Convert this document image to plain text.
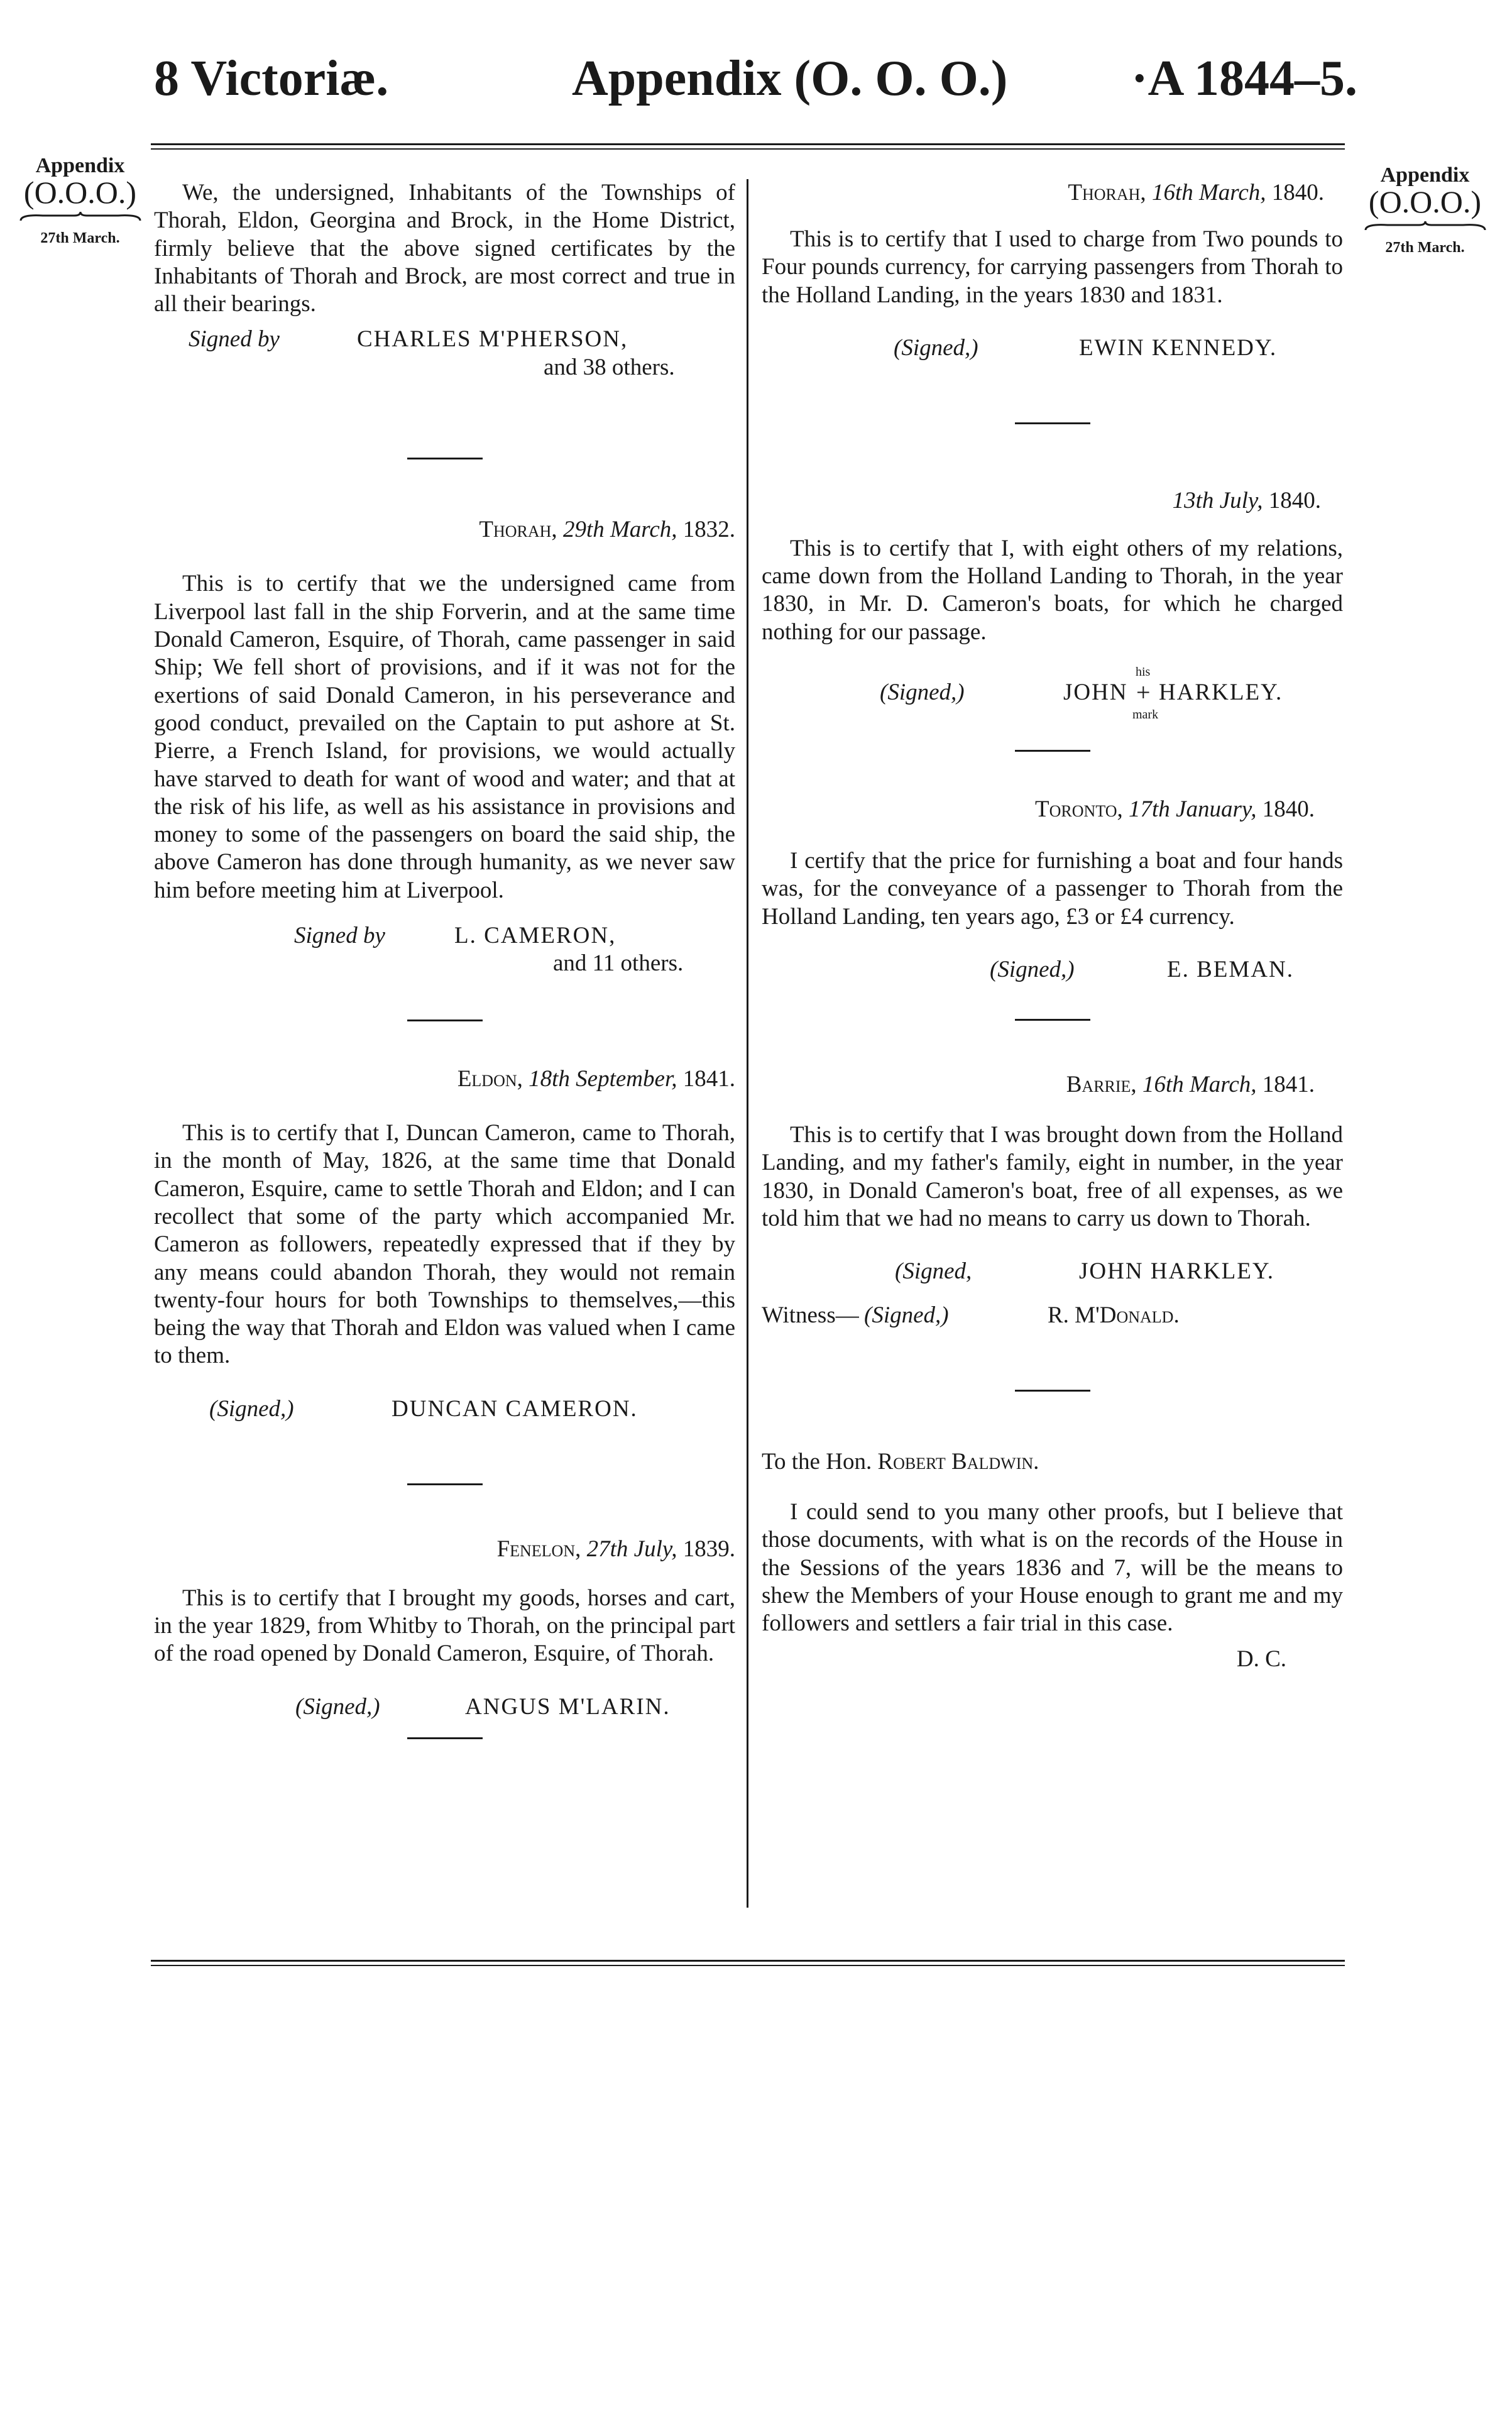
8 Victoriæ.	Appendix (O. O. O.) ·A 1844–5.
Appendix
(O.O.O.)
27th March.
Appendix
(O.O.O.)
27th March.

We, the undersigned, Inhabitants of the Townships of Thorah, Eldon, Georgina and Brock, in the Home District, firmly believe that the above signed certificates by the Inhabitants of Thorah and Brock, are most correct and true in all their bearings.

Signed by	CHARLES M'PHERSON,
and 38 others.
Thorah, 29th March, 1832.

This is to certify that we the undersigned came from Liverpool last fall in the ship Forverin, and at the same time Donald Cameron, Esquire, of Thorah, came passenger in said Ship; We fell short of provisions, and if it was not for the exertions of said Donald Cameron, in his perseverance and good conduct, prevailed on the Captain to put ashore at St. Pierre, a French Island, for provisions, we would actually have starved to death for want of wood and water; and that at the risk of his life, as well as his assistance in provisions and money to some of the passengers on board the said ship, the above Cameron has done through humanity, as we never saw him before meeting him at Liverpool.

Signed by	L. CAMERON,
and 11 others.
Eldon, 18th September, 1841.

This is to certify that I, Duncan Cameron, came to Thorah, in the month of May, 1826, at the same time that Donald Cameron, Esquire, came to settle Thorah and Eldon; and I can recollect that some of the party which accompanied Mr. Cameron as followers, repeatedly expressed that if they by any means could abandon Thorah, they would not remain twenty-four hours for both Townships to themselves,—this being the way that Thorah and Eldon was valued when I came to them.

(Signed,)	DUNCAN CAMERON.
Fenelon, 27th July, 1839.

This is to certify that I brought my goods, horses and cart, in the year 1829, from Whitby to Thorah, on the principal part of the road opened by Donald Cameron, Esquire, of Thorah.

(Signed,)	ANGUS M'LARIN.
Thorah, 16th March, 1840.

This is to certify that I used to charge from Two pounds to Four pounds currency, for carrying passengers from Thorah to the Holland Landing, in the years 1830 and 1831.

(Signed,)	EWIN KENNEDY.
13th July, 1840.

This is to certify that I, with eight others of my relations, came down from the Holland Landing to Thorah, in the year 1830, in Mr. D. Cameron's boats, for which he charged nothing for our passage.

(Signed,)
his
JOHN + HARKLEY.
mark
Toronto, 17th January, 1840.

I certify that the price for furnishing a boat and four hands was, for the conveyance of a passenger to Thorah from the Holland Landing, ten years ago, £3 or £4 currency.

(Signed,)	E. BEMAN.
Barrie, 16th March, 1841.

This is to certify that I was brought down from the Holland Landing, and my father's family, eight in number, in the year 1830, in Donald Cameron's boat, free of all expenses, as we told him that we had no means to carry us down to Thorah.

(Signed,	JOHN HARKLEY.
Witness— (Signed,)	R. M'Donald.
To the Hon. Robert Baldwin.

I could send to you many other proofs, but I believe that those documents, with what is on the records of the House in the Sessions of the years 1836 and 7, will be the means to shew the Members of your House enough to grant me and my followers and settlers a fair trial in this case.

D. C.
